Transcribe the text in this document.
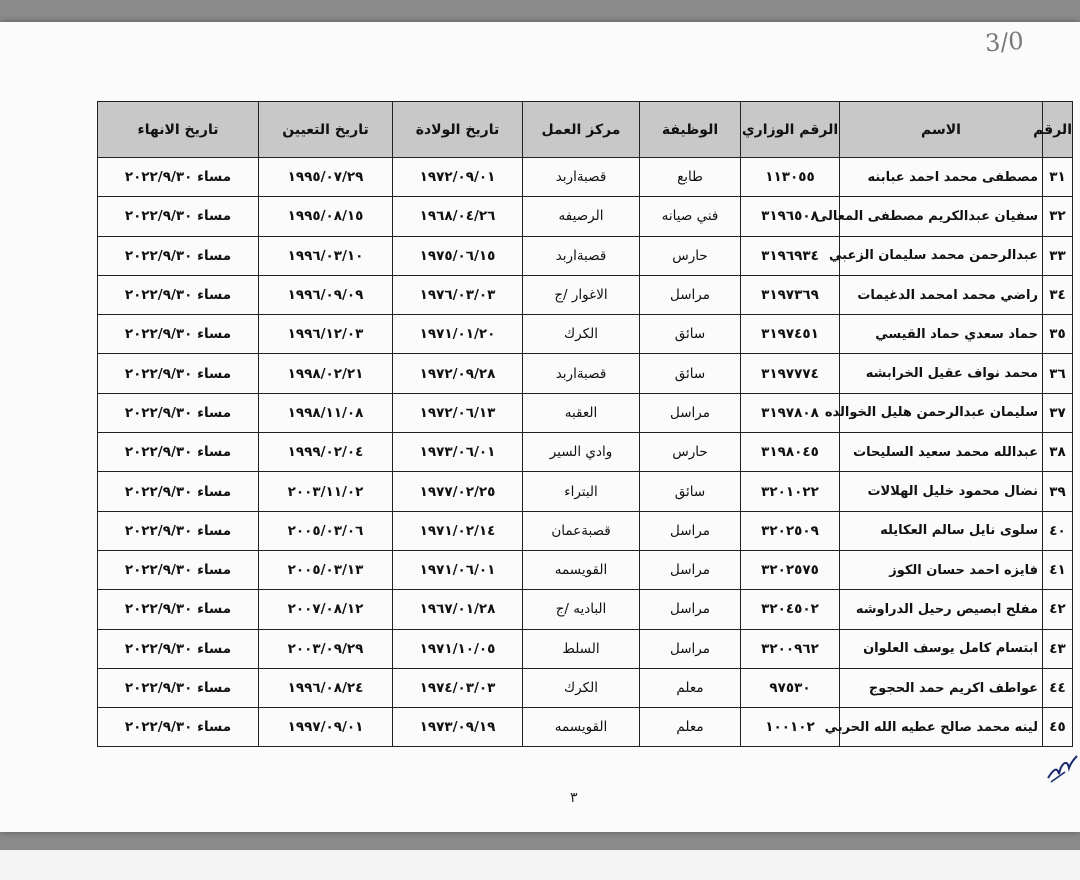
3/0
الرقم	الاسم	الرقم الوزاري	الوظيفة	مركز العمل	تاريخ الولادة	تاريخ التعيين	تاريخ الانهاء
٣١	مصطفى محمد احمد عبابنه	١١٣٠٥٥	طابع	قصبةاربد	١٩٧٢/٠٩/٠١	١٩٩٥/٠٧/٢٩	مساء ٢٠٢٢/٩/٣٠
٣٢	سفيان عبدالكريم مصطفى المعالى	٣١٩٦٥٠٨	فني صيانه	الرصيفه	١٩٦٨/٠٤/٢٦	١٩٩٥/٠٨/١٥	مساء ٢٠٢٢/٩/٣٠
٣٣	عبدالرحمن محمد سليمان الزعبي	٣١٩٦٩٣٤	حارس	قصبةاربد	١٩٧٥/٠٦/١٥	١٩٩٦/٠٣/١٠	مساء ٢٠٢٢/٩/٣٠
٣٤	راضي محمد امحمد الدغيمات	٣١٩٧٣٦٩	مراسل	الاغوار /ج	١٩٧٦/٠٣/٠٣	١٩٩٦/٠٩/٠٩	مساء ٢٠٢٢/٩/٣٠
٣٥	حماد سعدي حماد القيسي	٣١٩٧٤٥١	سائق	الكرك	١٩٧١/٠١/٢٠	١٩٩٦/١٢/٠٣	مساء ٢٠٢٢/٩/٣٠
٣٦	محمد نواف عقيل الخرابشه	٣١٩٧٧٧٤	سائق	قصبةاربد	١٩٧٢/٠٩/٢٨	١٩٩٨/٠٢/٢١	مساء ٢٠٢٢/٩/٣٠
٣٧	سليمان عبدالرحمن هليل الخوالده	٣١٩٧٨٠٨	مراسل	العقبه	١٩٧٢/٠٦/١٣	١٩٩٨/١١/٠٨	مساء ٢٠٢٢/٩/٣٠
٣٨	عبدالله محمد سعيد السليحات	٣١٩٨٠٤٥	حارس	وادي السير	١٩٧٣/٠٦/٠١	١٩٩٩/٠٢/٠٤	مساء ٢٠٢٢/٩/٣٠
٣٩	نضال محمود خليل الهلالات	٣٢٠١٠٢٢	سائق	البتراء	١٩٧٧/٠٢/٢٥	٢٠٠٣/١١/٠٢	مساء ٢٠٢٢/٩/٣٠
٤٠	سلوى نايل سالم العكايله	٣٢٠٢٥٠٩	مراسل	قصبةعمان	١٩٧١/٠٢/١٤	٢٠٠٥/٠٣/٠٦	مساء ٢٠٢٢/٩/٣٠
٤١	فايزه احمد حسان الكوز	٣٢٠٢٥٧٥	مراسل	القويسمه	١٩٧١/٠٦/٠١	٢٠٠٥/٠٣/١٣	مساء ٢٠٢٢/٩/٣٠
٤٢	مفلح ابصيص رحيل الدراوشه	٣٢٠٤٥٠٢	مراسل	الباديه /ج	١٩٦٧/٠١/٢٨	٢٠٠٧/٠٨/١٢	مساء ٢٠٢٢/٩/٣٠
٤٣	ابتسام كامل يوسف العلوان	٣٢٠٠٩٦٢	مراسل	السلط	١٩٧١/١٠/٠٥	٢٠٠٣/٠٩/٢٩	مساء ٢٠٢٢/٩/٣٠
٤٤	عواطف اكريم حمد الحجوج	٩٧٥٣٠	معلم	الكرك	١٩٧٤/٠٣/٠٣	١٩٩٦/٠٨/٢٤	مساء ٢٠٢٢/٩/٣٠
٤٥	لينه محمد صالح عطيه الله الحربي	١٠٠١٠٢	معلم	القويسمه	١٩٧٣/٠٩/١٩	١٩٩٧/٠٩/٠١	مساء ٢٠٢٢/٩/٣٠
٣
